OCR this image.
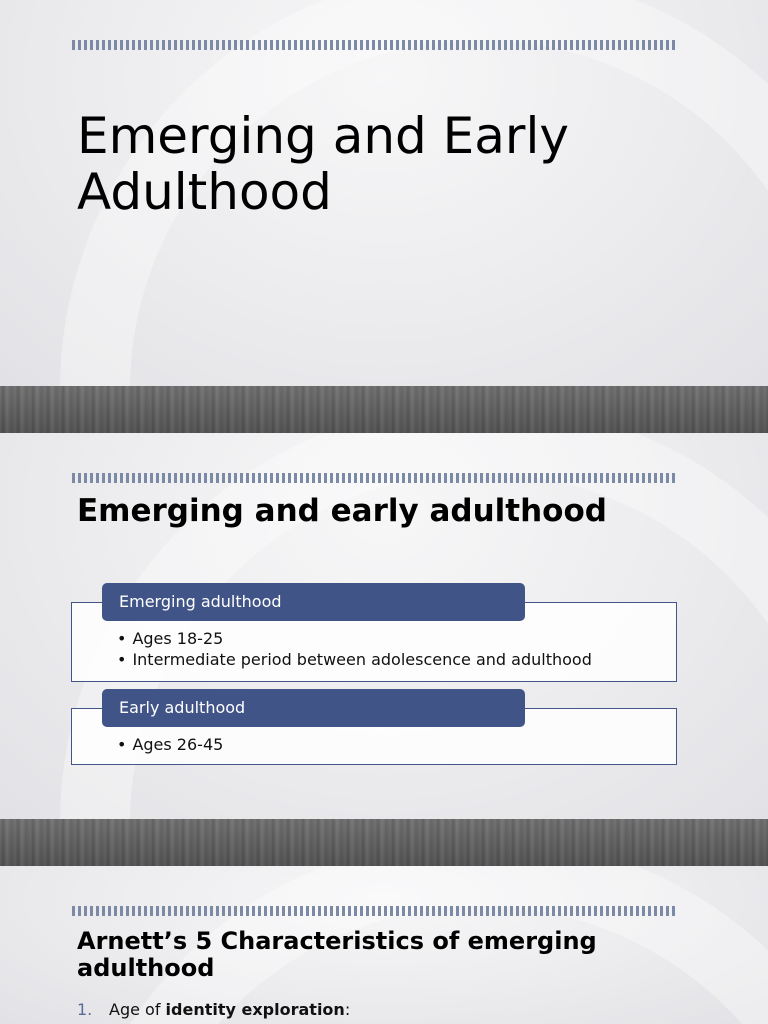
Emerging and Early Adulthood
Emerging and early adulthood
Emerging adulthood
• Ages 18-25
• Intermediate period between adolescence and adulthood
Early adulthood
• Ages 26-45
Arnett’s 5 Characteristics of emerging adulthood
1. Age of identity exploration:
